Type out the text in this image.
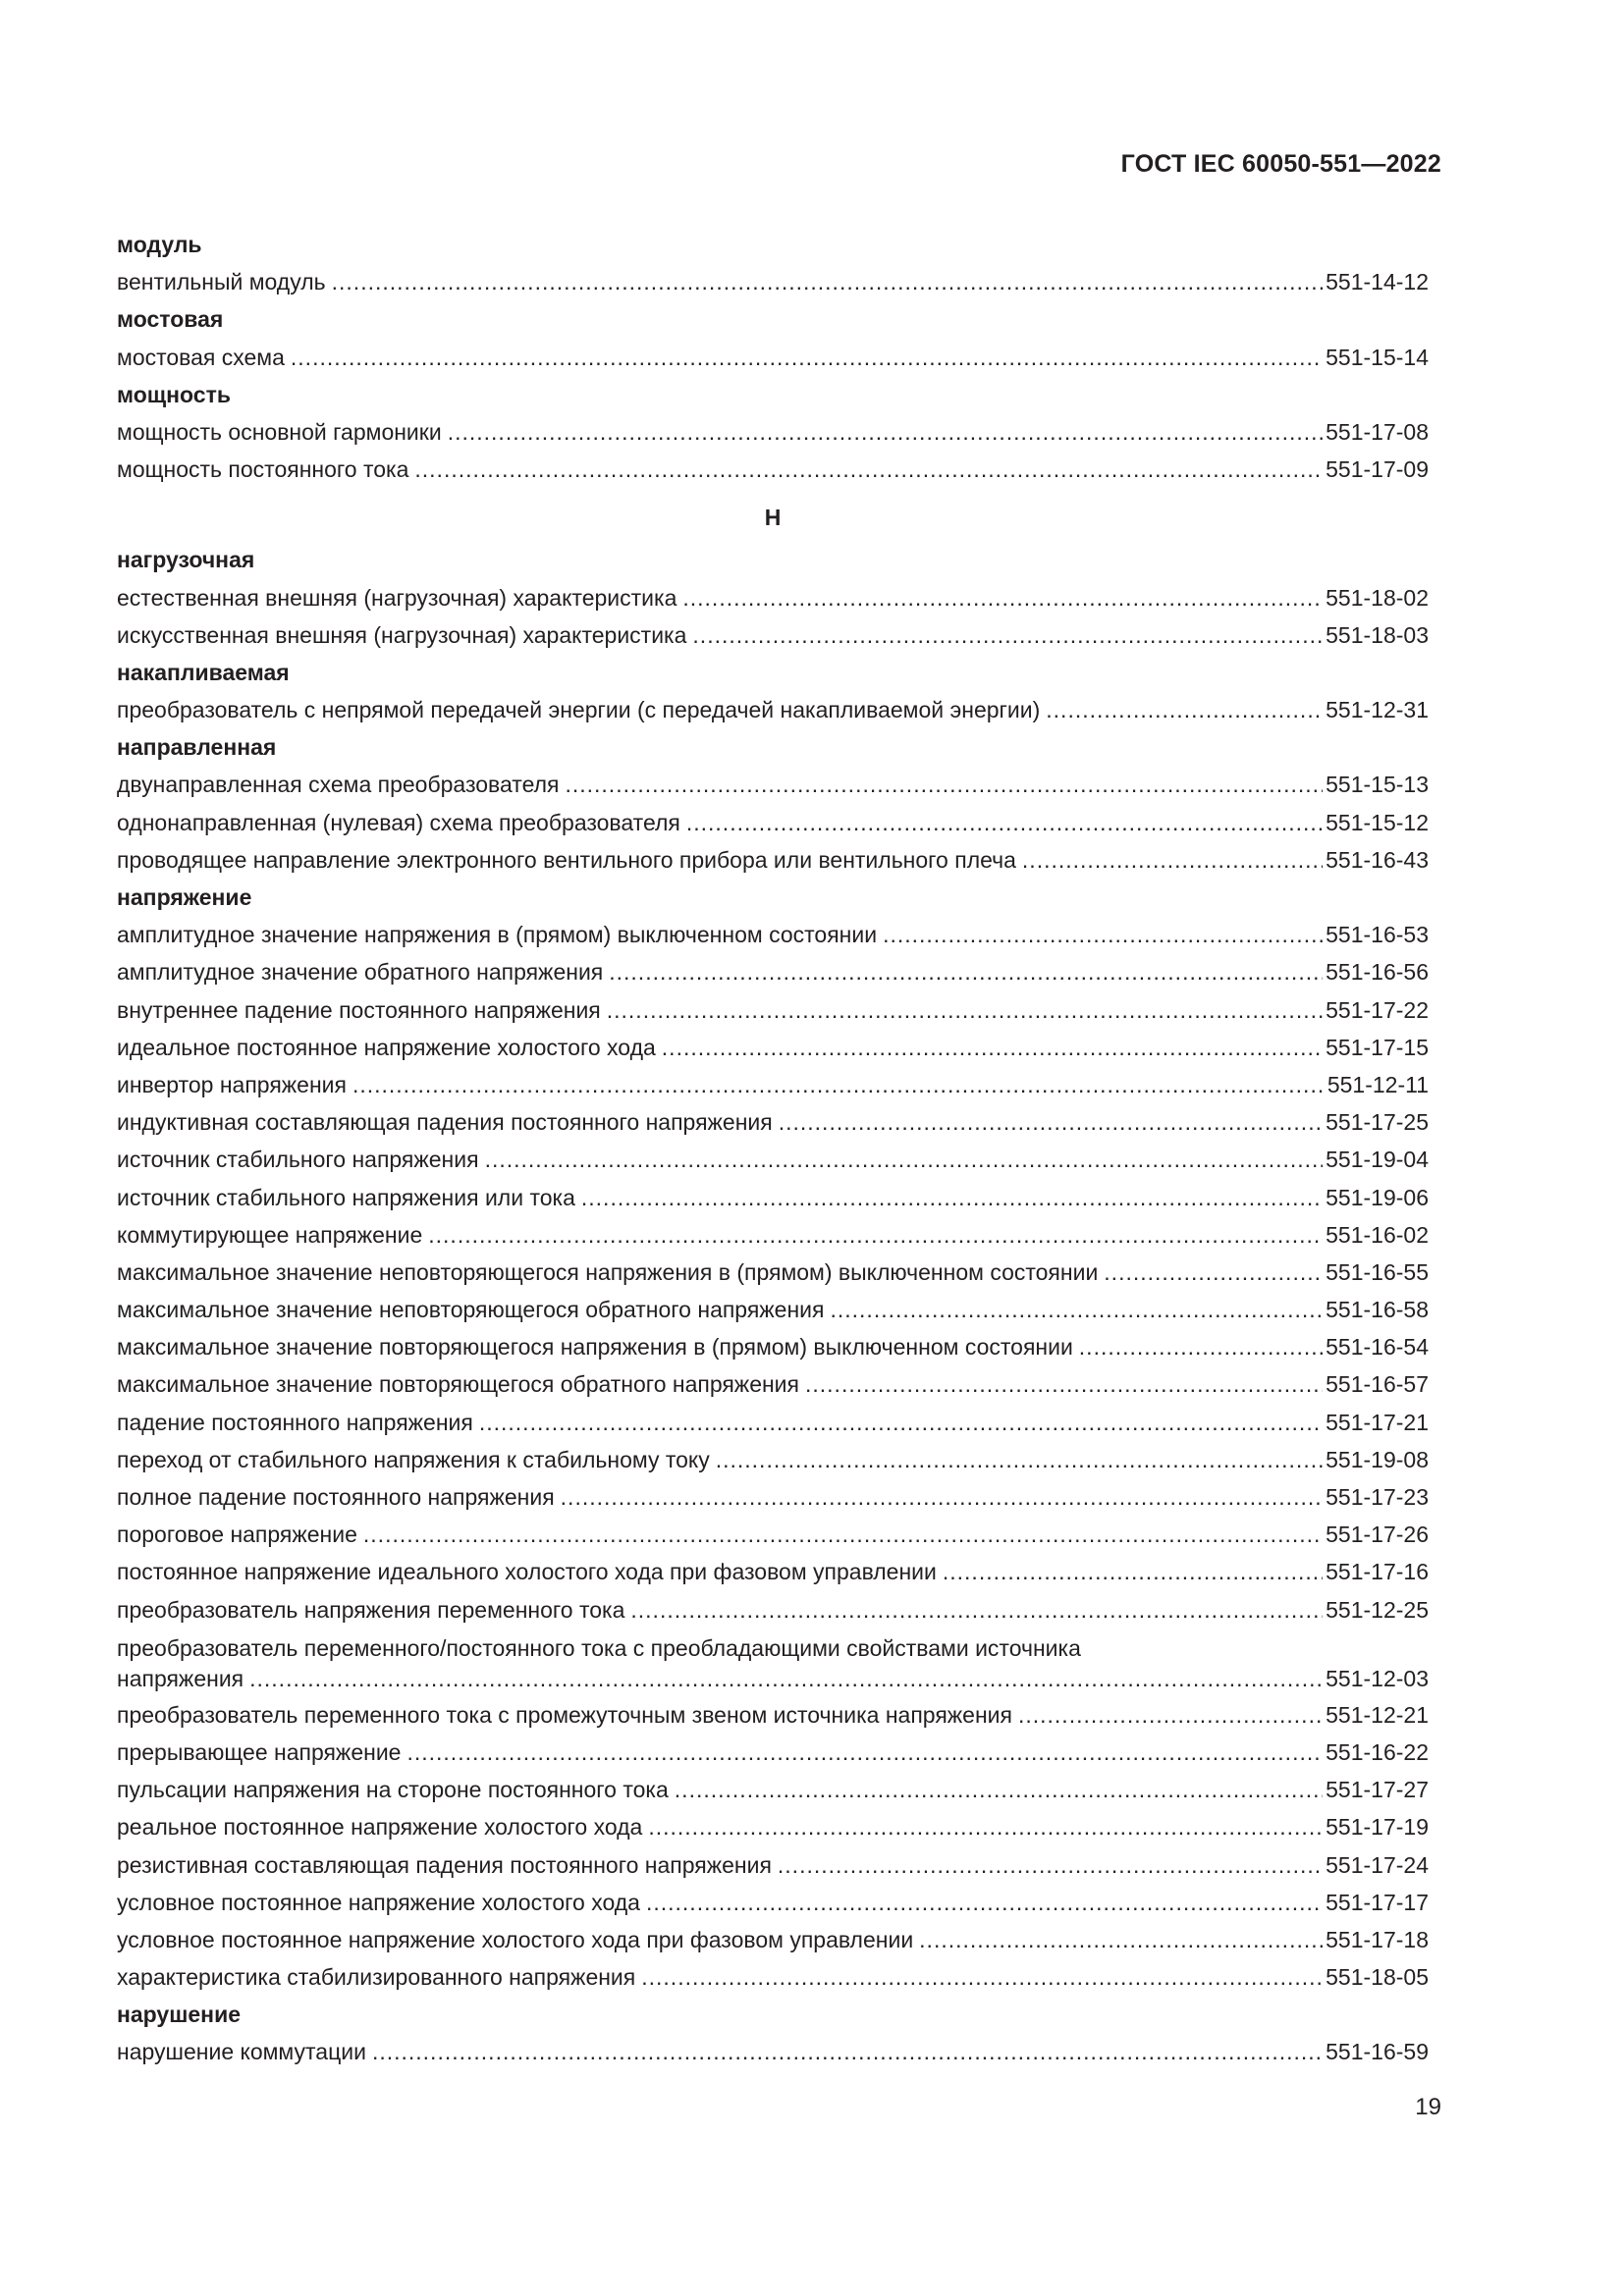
ГОСТ IEC 60050-551—2022
модуль
вентильный модуль .....	551-14-12
мостовая
мостовая схема .....	551-15-14
мощность
мощность основной гармоники .....	551-17-08
мощность постоянного тока .....	551-17-09
Н
нагрузочная
естественная внешняя (нагрузочная) характеристика .....	551-18-02
искусственная внешняя (нагрузочная) характеристика .....	551-18-03
накапливаемая
преобразователь с непрямой передачей энергии (с передачей накапливаемой энергии) .....	551-12-31
направленная
двунаправленная схема преобразователя .....	551-15-13
однонаправленная (нулевая) схема преобразователя .....	551-15-12
проводящее направление электронного вентильного прибора или вентильного плеча .....	551-16-43
напряжение
амплитудное значение напряжения в (прямом) выключенном состоянии .....	551-16-53
амплитудное значение обратного напряжения .....	551-16-56
внутреннее падение постоянного напряжения .....	551-17-22
идеальное постоянное напряжение холостого хода .....	551-17-15
инвертор напряжения .....	551-12-11
индуктивная составляющая падения постоянного напряжения .....	551-17-25
источник стабильного напряжения .....	551-19-04
источник стабильного напряжения или тока .....	551-19-06
коммутирующее напряжение .....	551-16-02
максимальное значение неповторяющегося напряжения в (прямом) выключенном состоянии .....	551-16-55
максимальное значение неповторяющегося обратного напряжения .....	551-16-58
максимальное значение повторяющегося напряжения в (прямом) выключенном состоянии .....	551-16-54
максимальное значение повторяющегося обратного напряжения .....	551-16-57
падение постоянного напряжения .....	551-17-21
переход от стабильного напряжения к стабильному току .....	551-19-08
полное падение постоянного напряжения .....	551-17-23
пороговое напряжение .....	551-17-26
постоянное напряжение идеального холостого хода при фазовом управлении .....	551-17-16
преобразователь напряжения переменного тока .....	551-12-25
преобразователь переменного/постоянного тока с преобладающими свойствами источника
напряжения .....	551-12-03
преобразователь переменного тока с промежуточным звеном источника напряжения .....	551-12-21
прерывающее напряжение .....	551-16-22
пульсации напряжения на стороне постоянного тока .....	551-17-27
реальное постоянное напряжение холостого хода .....	551-17-19
резистивная составляющая падения постоянного напряжения .....	551-17-24
условное постоянное напряжение холостого хода .....	551-17-17
условное постоянное напряжение холостого хода при фазовом управлении .....	551-17-18
характеристика стабилизированного напряжения .....	551-18-05
нарушение
нарушение коммутации .....	551-16-59
19
